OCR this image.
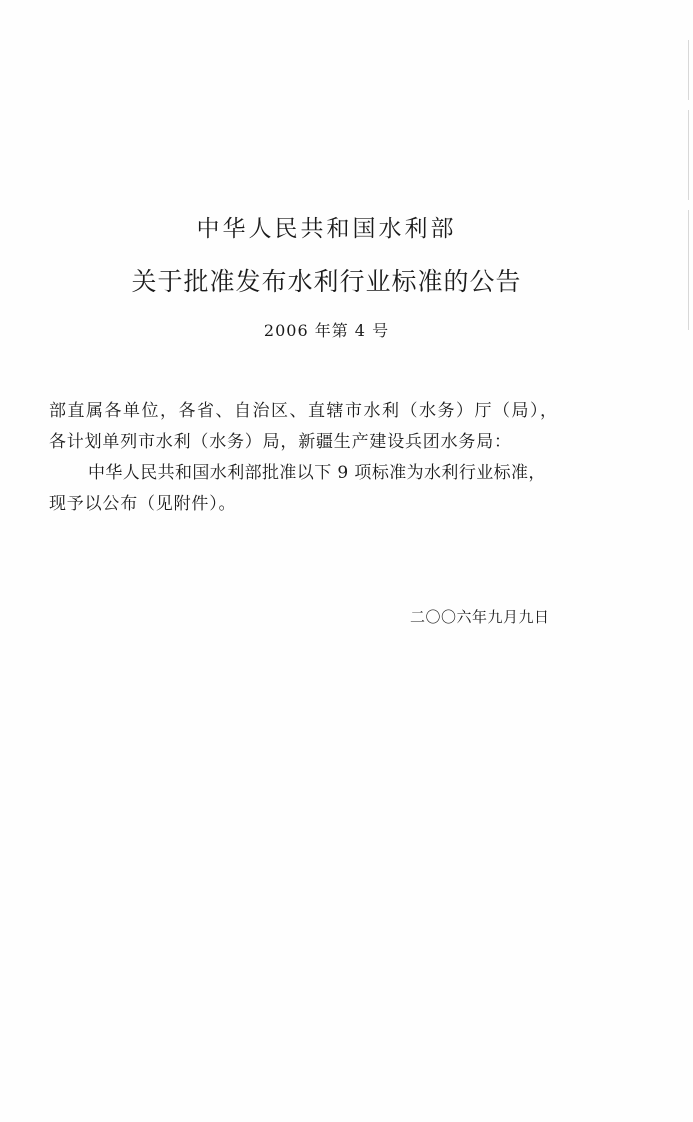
中华人民共和国水利部
关于批准发布水利行业标准的公告
2006 年第 4 号
部直属各单位，各省、自治区、直辖市水利（水务）厅（局），
各计划单列市水利（水务）局，新疆生产建设兵团水务局：
中华人民共和国水利部批准以下 9 项标准为水利行业标准，
现予以公布（见附件）。
二〇〇六年九月九日
